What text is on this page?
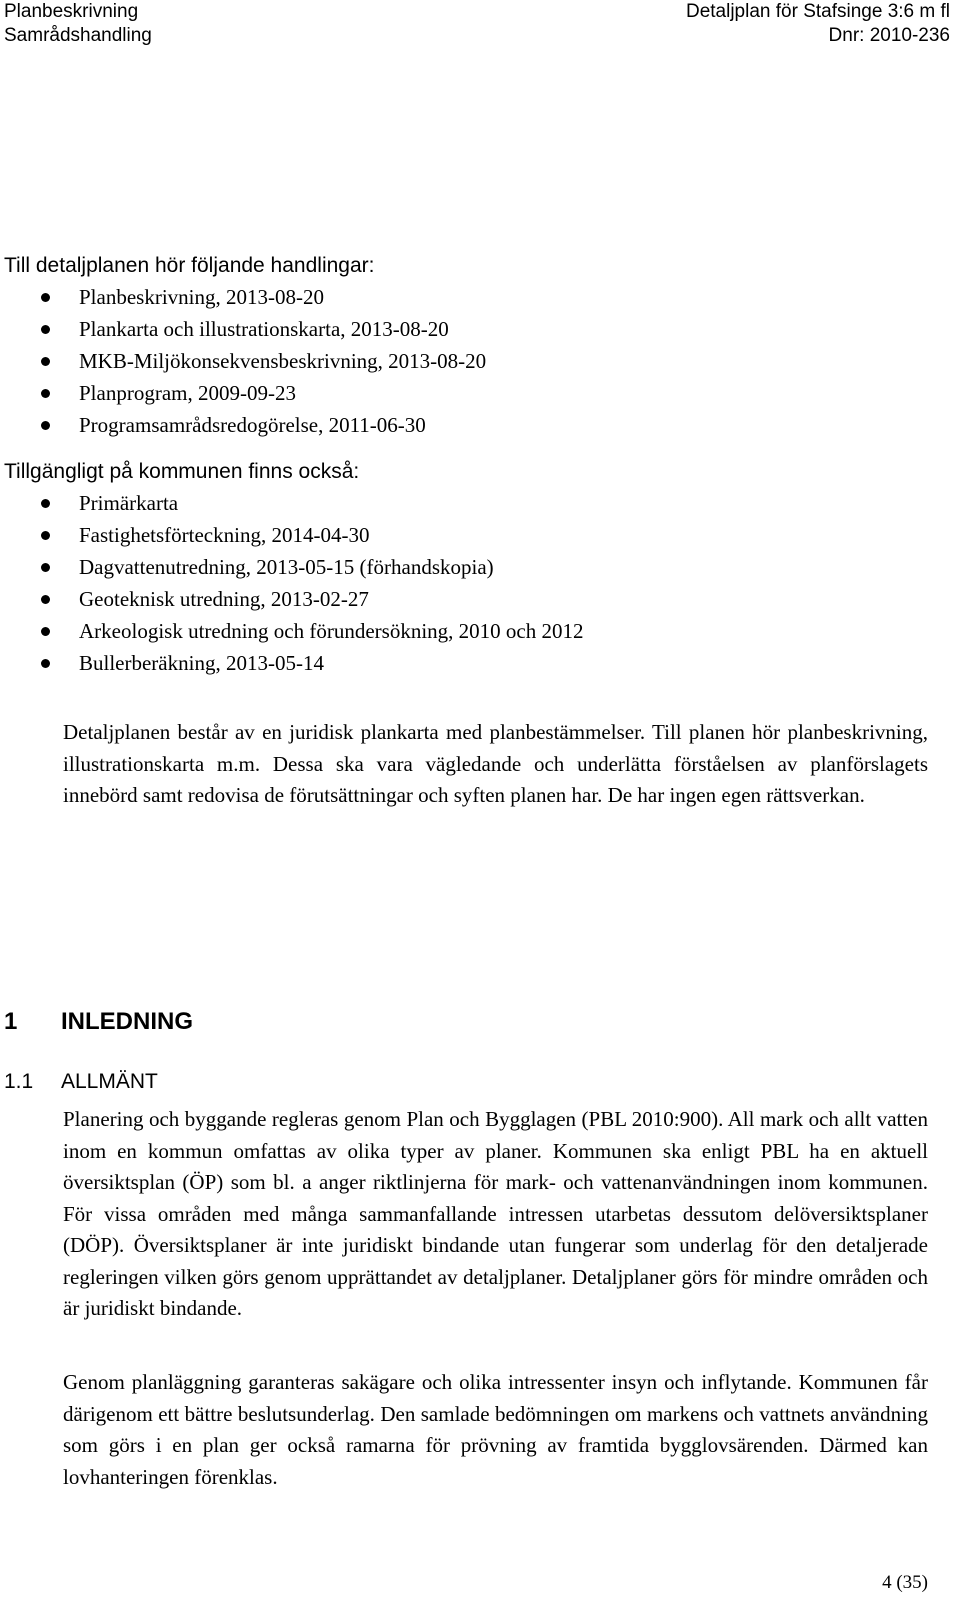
Planbeskrivning
Samrådshandling
Detaljplan för Stafsinge 3:6 m fl
Dnr: 2010-236
Till detaljplanen hör följande handlingar:
Planbeskrivning, 2013-08-20
Plankarta och illustrationskarta, 2013-08-20
MKB-Miljökonsekvensbeskrivning, 2013-08-20
Planprogram, 2009-09-23
Programsamrådsredogörelse, 2011-06-30
Tillgängligt på kommunen finns också:
Primärkarta
Fastighetsförteckning, 2014-04-30
Dagvattenutredning, 2013-05-15 (förhandskopia)
Geoteknisk utredning, 2013-02-27
Arkeologisk utredning och förundersökning, 2010 och 2012
Bullerberäkning, 2013-05-14

Detaljplanen består av en juridisk plankarta med planbestämmelser. Till planen hör planbeskrivning, illustrationskarta m.m. Dessa ska vara vägledande och underlätta förståelsen av planförslagets innebörd samt redovisa de förutsättningar och syften planen har. De har ingen egen rättsverkan.

1 INLEDNING
1.1 ALLMÄNT

Planering och byggande regleras genom Plan och Bygglagen (PBL 2010:900). All mark och allt vatten inom en kommun omfattas av olika typer av planer. Kommunen ska enligt PBL ha en aktuell översiktsplan (ÖP) som bl. a anger riktlinjerna för mark- och vattenanvändningen inom kommunen. För vissa områden med många sammanfallande intressen utarbetas dessutom delöversiktsplaner (DÖP). Översiktsplaner är inte juridiskt bindande utan fungerar som underlag för den detaljerade regleringen vilken görs genom upprättandet av detaljplaner. Detaljplaner görs för mindre områden och är juridiskt bindande.

Genom planläggning garanteras sakägare och olika intressenter insyn och inflytande. Kommunen får därigenom ett bättre beslutsunderlag. Den samlade bedömningen om markens och vattnets användning som görs i en plan ger också ramarna för prövning av framtida bygglovsärenden. Därmed kan lovhanteringen förenklas.

4 (35)
